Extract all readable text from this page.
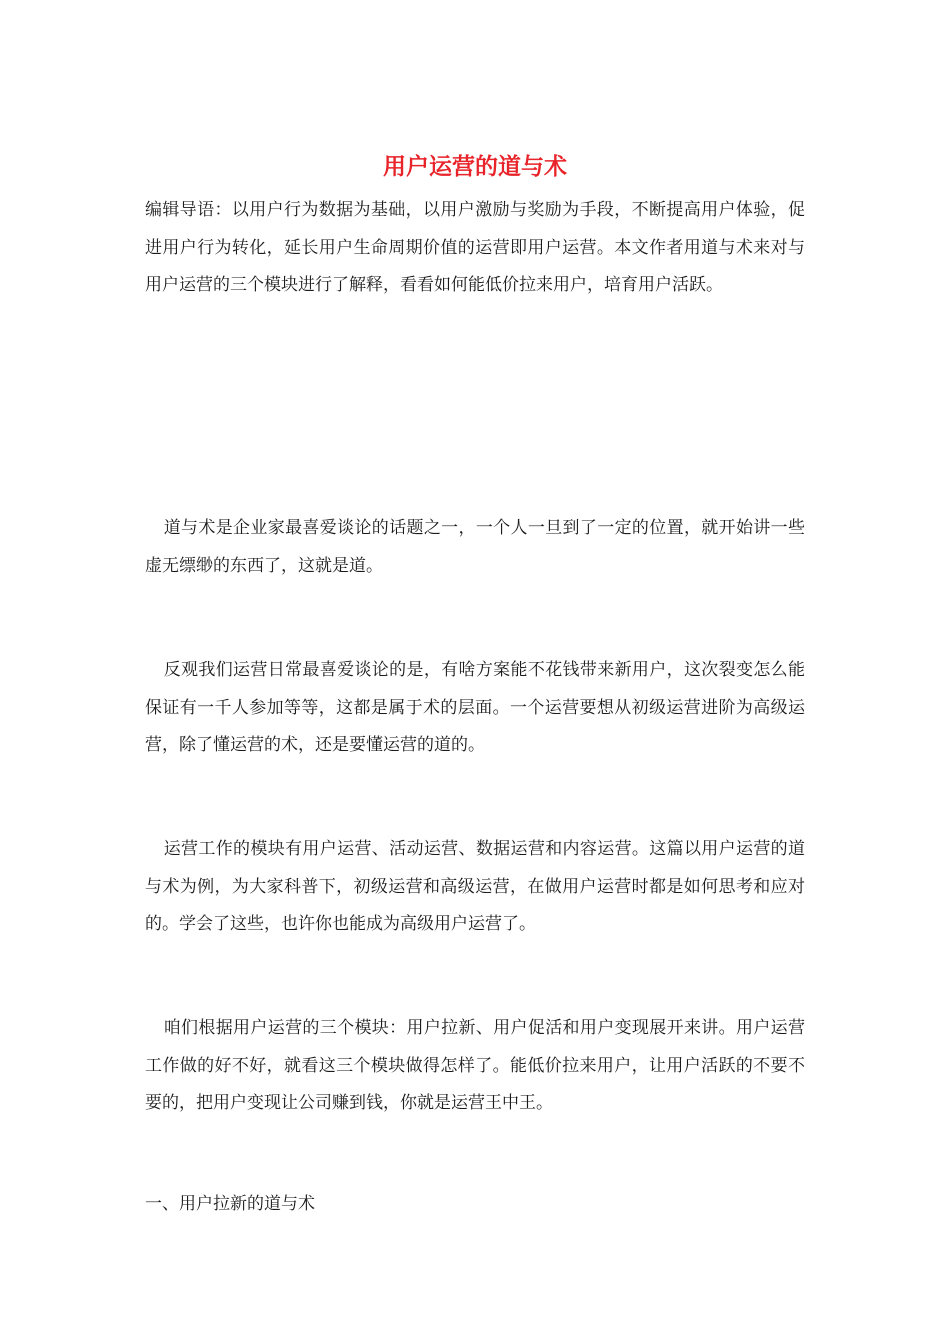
用户运营的道与术

编辑导语：以用户行为数据为基础，以用户激励与奖励为手段，不断提高用户体验，促进用户行为转化，延长用户生命周期价值的运营即用户运营。本文作者用道与术来对与用户运营的三个模块进行了解释，看看如何能低价拉来用户，培育用户活跃。

道与术是企业家最喜爱谈论的话题之一，一个人一旦到了一定的位置，就开始讲一些虚无缥缈的东西了，这就是道。

反观我们运营日常最喜爱谈论的是，有啥方案能不花钱带来新用户，这次裂变怎么能保证有一千人参加等等，这都是属于术的层面。一个运营要想从初级运营进阶为高级运营，除了懂运营的术，还是要懂运营的道的。

运营工作的模块有用户运营、活动运营、数据运营和内容运营。这篇以用户运营的道与术为例，为大家科普下，初级运营和高级运营，在做用户运营时都是如何思考和应对的。学会了这些，也许你也能成为高级用户运营了。

咱们根据用户运营的三个模块：用户拉新、用户促活和用户变现展开来讲。用户运营工作做的好不好，就看这三个模块做得怎样了。能低价拉来用户，让用户活跃的不要不要的，把用户变现让公司赚到钱，你就是运营王中王。

一、用户拉新的道与术
